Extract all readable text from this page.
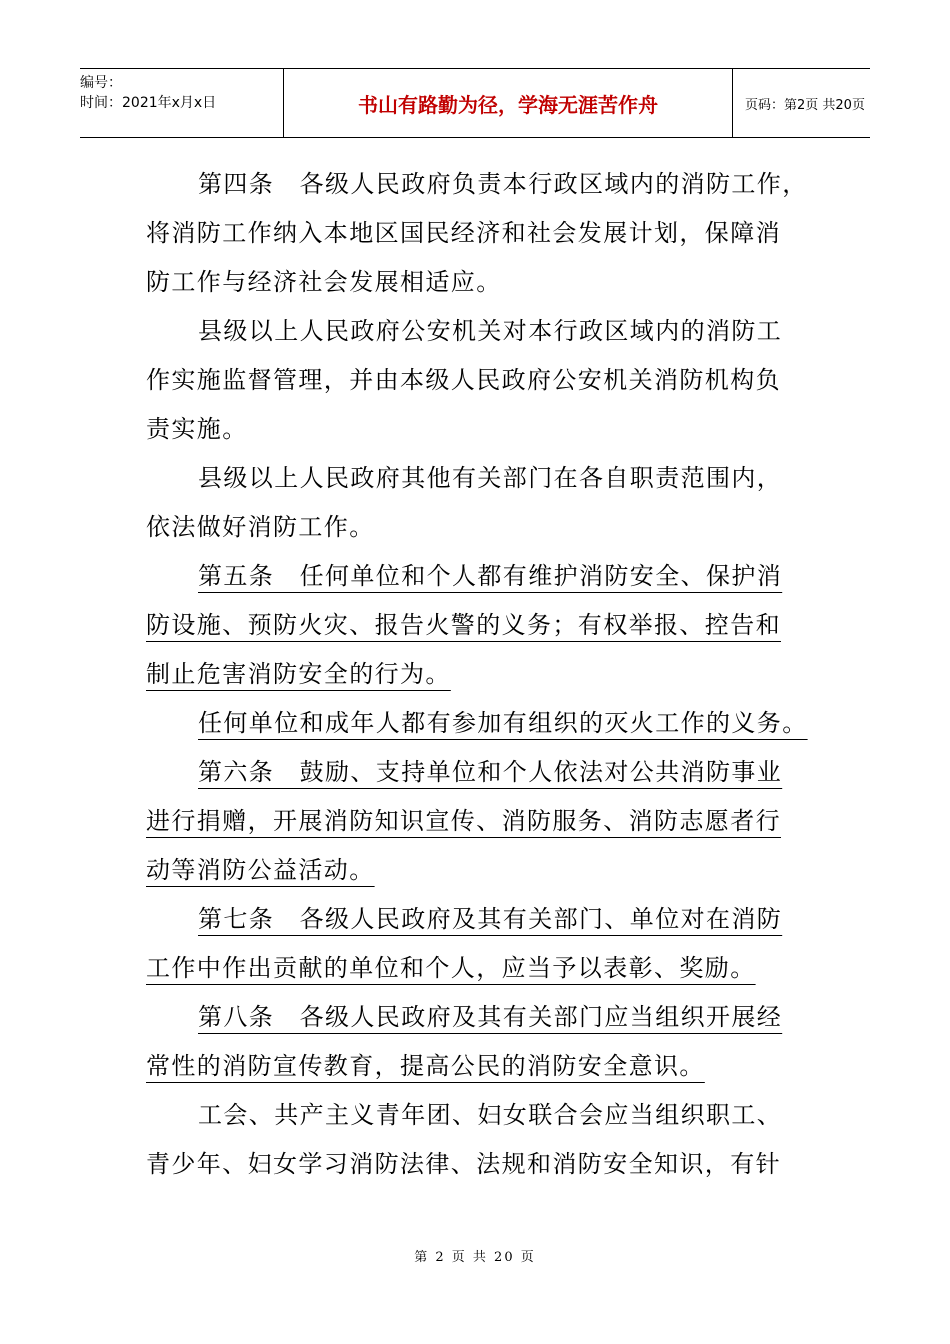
编号：
时间：2021年x月x日	书山有路勤为径，学海无涯苦作舟	页码：第2页 共20页
第四条　各级人民政府负责本行政区域内的消防工作，
将消防工作纳入本地区国民经济和社会发展计划，保障消
防工作与经济社会发展相适应。
县级以上人民政府公安机关对本行政区域内的消防工
作实施监督管理，并由本级人民政府公安机关消防机构负
责实施。
县级以上人民政府其他有关部门在各自职责范围内，
依法做好消防工作。
第五条　任何单位和个人都有维护消防安全、保护消
防设施、预防火灾、报告火警的义务；有权举报、控告和
制止危害消防安全的行为。
任何单位和成年人都有参加有组织的灭火工作的义务。
第六条　鼓励、支持单位和个人依法对公共消防事业
进行捐赠，开展消防知识宣传、消防服务、消防志愿者行
动等消防公益活动。
第七条　各级人民政府及其有关部门、单位对在消防
工作中作出贡献的单位和个人，应当予以表彰、奖励。
第八条　各级人民政府及其有关部门应当组织开展经
常性的消防宣传教育，提高公民的消防安全意识。
工会、共产主义青年团、妇女联合会应当组织职工、
青少年、妇女学习消防法律、法规和消防安全知识，有针
第 2 页 共 20 页
